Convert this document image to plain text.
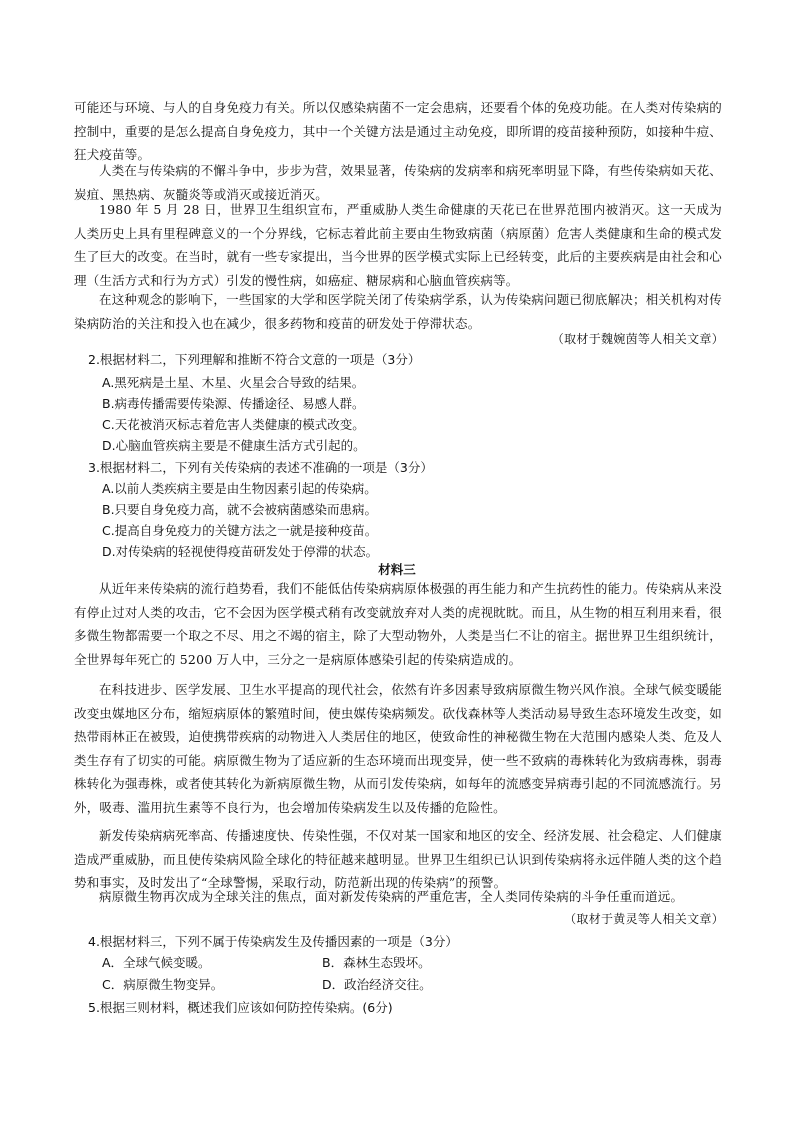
可能还与环境、与人的自身免疫力有关。所以仅感染病菌不一定会患病，还要看个体的免疫功能。在人类对传染病的控制中，重要的是怎么提高自身免疫力，其中一个关键方法是通过主动免疫，即所谓的疫苗接种预防，如接种牛痘、狂犬疫苗等。

人类在与传染病的不懈斗争中，步步为营，效果显著，传染病的发病率和病死率明显下降，有些传染病如天花、炭疽、黑热病、灰髓炎等或消灭或接近消灭。

1980 年 5 月 28 日，世界卫生组织宣布，严重威胁人类生命健康的天花已在世界范围内被消灭。这一天成为人类历史上具有里程碑意义的一个分界线，它标志着此前主要由生物致病菌（病原菌）危害人类健康和生命的模式发生了巨大的改变。在当时，就有一些专家提出，当今世界的医学模式实际上已经转变，此后的主要疾病是由社会和心理（生活方式和行为方式）引发的慢性病，如癌症、糖尿病和心脑血管疾病等。

在这种观念的影响下，一些国家的大学和医学院关闭了传染病学系，认为传染病问题已彻底解决；相关机构对传染病防治的关注和投入也在减少，很多药物和疫苗的研发处于停滞状态。

（取材于魏婉茵等人相关文章）
2.根据材料二，下列理解和推断不符合文意的一项是（3分）
A.黑死病是土星、木星、火星会合导致的结果。
B.病毒传播需要传染源、传播途径、易感人群。
C.天花被消灭标志着危害人类健康的模式改变。
D.心脑血管疾病主要是不健康生活方式引起的。
3.根据材料二，下列有关传染病的表述不准确的一项是（3分）
A.以前人类疾病主要是由生物因素引起的传染病。
B.只要自身免疫力高，就不会被病菌感染而患病。
C.提高自身免疫力的关键方法之一就是接种疫苗。
D.对传染病的轻视使得疫苗研发处于停滞的状态。
材料三

从近年来传染病的流行趋势看，我们不能低估传染病病原体极强的再生能力和产生抗药性的能力。传染病从来没有停止过对人类的攻击，它不会因为医学模式稍有改变就放弃对人类的虎视眈眈。而且，从生物的相互利用来看，很多微生物都需要一个取之不尽、用之不竭的宿主，除了大型动物外，人类是当仁不让的宿主。据世界卫生组织统计，全世界每年死亡的 5200 万人中，三分之一是病原体感染引起的传染病造成的。

在科技进步、医学发展、卫生水平提高的现代社会，依然有许多因素导致病原微生物兴风作浪。全球气候变暖能改变虫媒地区分布，缩短病原体的繁殖时间，使虫媒传染病频发。砍伐森林等人类活动易导致生态环境发生改变，如热带雨林正在被毁，迫使携带疾病的动物进入人类居住的地区，使致命性的神秘微生物在大范围内感染人类、危及人类生存有了切实的可能。病原微生物为了适应新的生态环境而出现变异，使一些不致病的毒株转化为致病毒株，弱毒株转化为强毒株，或者使其转化为新病原微生物，从而引发传染病，如每年的流感变异病毒引起的不同流感流行。另外，吸毒、滥用抗生素等不良行为，也会增加传染病发生以及传播的危险性。

新发传染病病死率高、传播速度快、传染性强，不仅对某一国家和地区的安全、经济发展、社会稳定、人们健康造成严重威胁，而且使传染病风险全球化的特征越来越明显。世界卫生组织已认识到传染病将永远伴随人类的这个趋势和事实，及时发出了“全球警惕，采取行动，防范新出现的传染病”的预警。

病原微生物再次成为全球关注的焦点，面对新发传染病的严重危害，全人类同传染病的斗争任重而道远。

（取材于黄灵等人相关文章）
4.根据材料三，下列不属于传染病发生及传播因素的一项是（3分）
A．全球气候变暖。	B．森林生态毁坏。
C．病原微生物变异。	D．政治经济交往。
5.根据三则材料，概述我们应该如何防控传染病。(6分)
